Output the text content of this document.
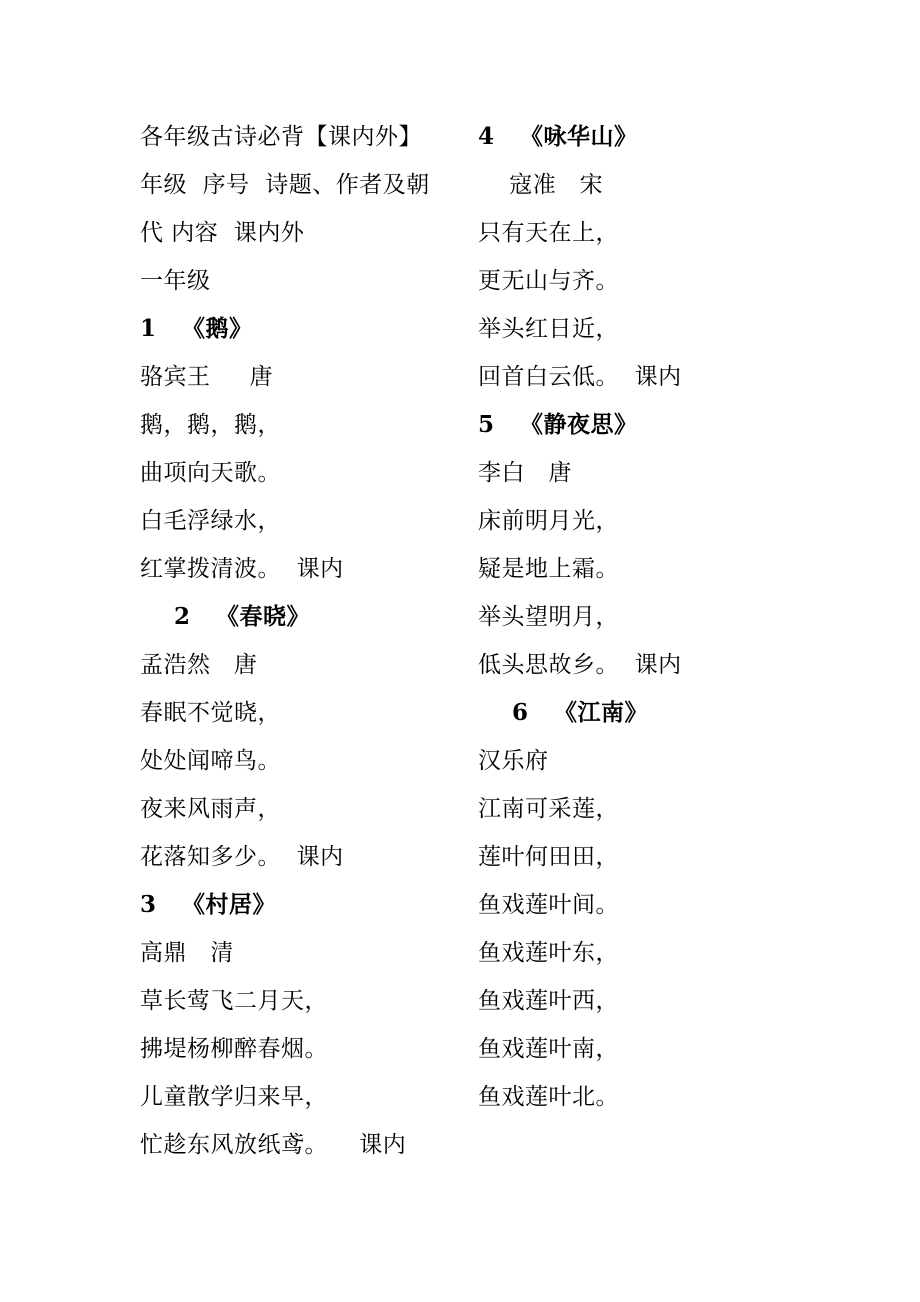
各年级古诗必背【课内外】
年级  序号  诗题、作者及朝
代 内容  课内外
一年级
1   《鹅》
骆宾王     唐
鹅，鹅，鹅，
曲项向天歌。
白毛浮绿水，
红掌拨清波。  课内
2   《春晓》
孟浩然   唐
春眠不觉晓，
处处闻啼鸟。
夜来风雨声，
花落知多少。  课内
3   《村居》
高鼎   清
草长莺飞二月天，
拂堤杨柳醉春烟。
儿童散学归来早，
忙趁东风放纸鸢。    课内
4   《咏华山》
寇准   宋
只有天在上，
更无山与齐。
举头红日近，
回首白云低。  课内
5   《静夜思》
李白   唐
床前明月光，
疑是地上霜。
举头望明月，
低头思故乡。  课内
6   《江南》
汉乐府
江南可采莲，
莲叶何田田，
鱼戏莲叶间。
鱼戏莲叶东，
鱼戏莲叶西，
鱼戏莲叶南，
鱼戏莲叶北。
